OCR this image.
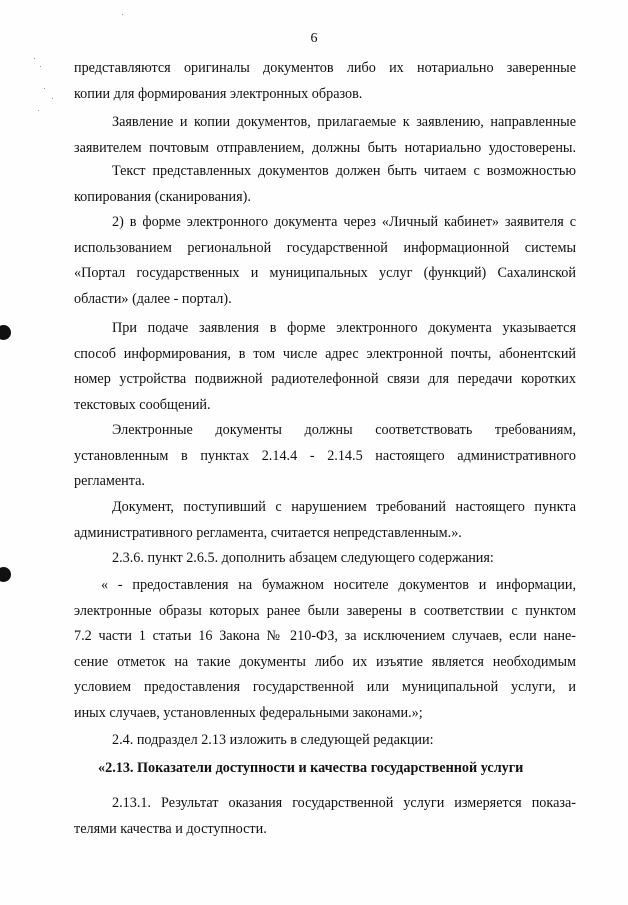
6
представляются оригиналы документов либо их нотариально заверенные
копии для формирования электронных образов.
Заявление и копии документов, прилагаемые к заявлению, направленные
заявителем почтовым отправлением, должны быть нотариально удостоверены.
Текст представленных документов должен быть читаем с возможностью
копирования (сканирования).
2) в форме электронного документа через «Личный кабинет» заявителя с
использованием региональной государственной информационной системы
«Портал государственных и муниципальных услуг (функций) Сахалинской
области» (далее - портал).
При подаче заявления в форме электронного документа указывается
способ информирования, в том числе адрес электронной почты, абонентский
номер устройства подвижной радиотелефонной связи для передачи коротких
текстовых сообщений.
Электронные документы должны соответствовать требованиям,
установленным в пунктах 2.14.4 - 2.14.5 настоящего административного
регламента.
Документ, поступивший с нарушением требований настоящего пункта
административного регламента, считается непредставленным.».
2.3.6. пункт 2.6.5. дополнить абзацем следующего содержания:
« - предоставления на бумажном носителе документов и информации,
электронные образы которых ранее были заверены в соответствии с пунктом
7.2 части 1 статьи 16 Закона № 210-ФЗ, за исключением случаев, если нане-
сение отметок на такие документы либо их изъятие является необходимым
условием предоставления государственной или муниципальной услуги, и
иных случаев, установленных федеральными законами.»;
2.4. подраздел 2.13 изложить в следующей редакции:
«2.13. Показатели доступности и качества государственной услуги
2.13.1. Результат оказания государственной услуги измеряется показа-
телями качества и доступности.
